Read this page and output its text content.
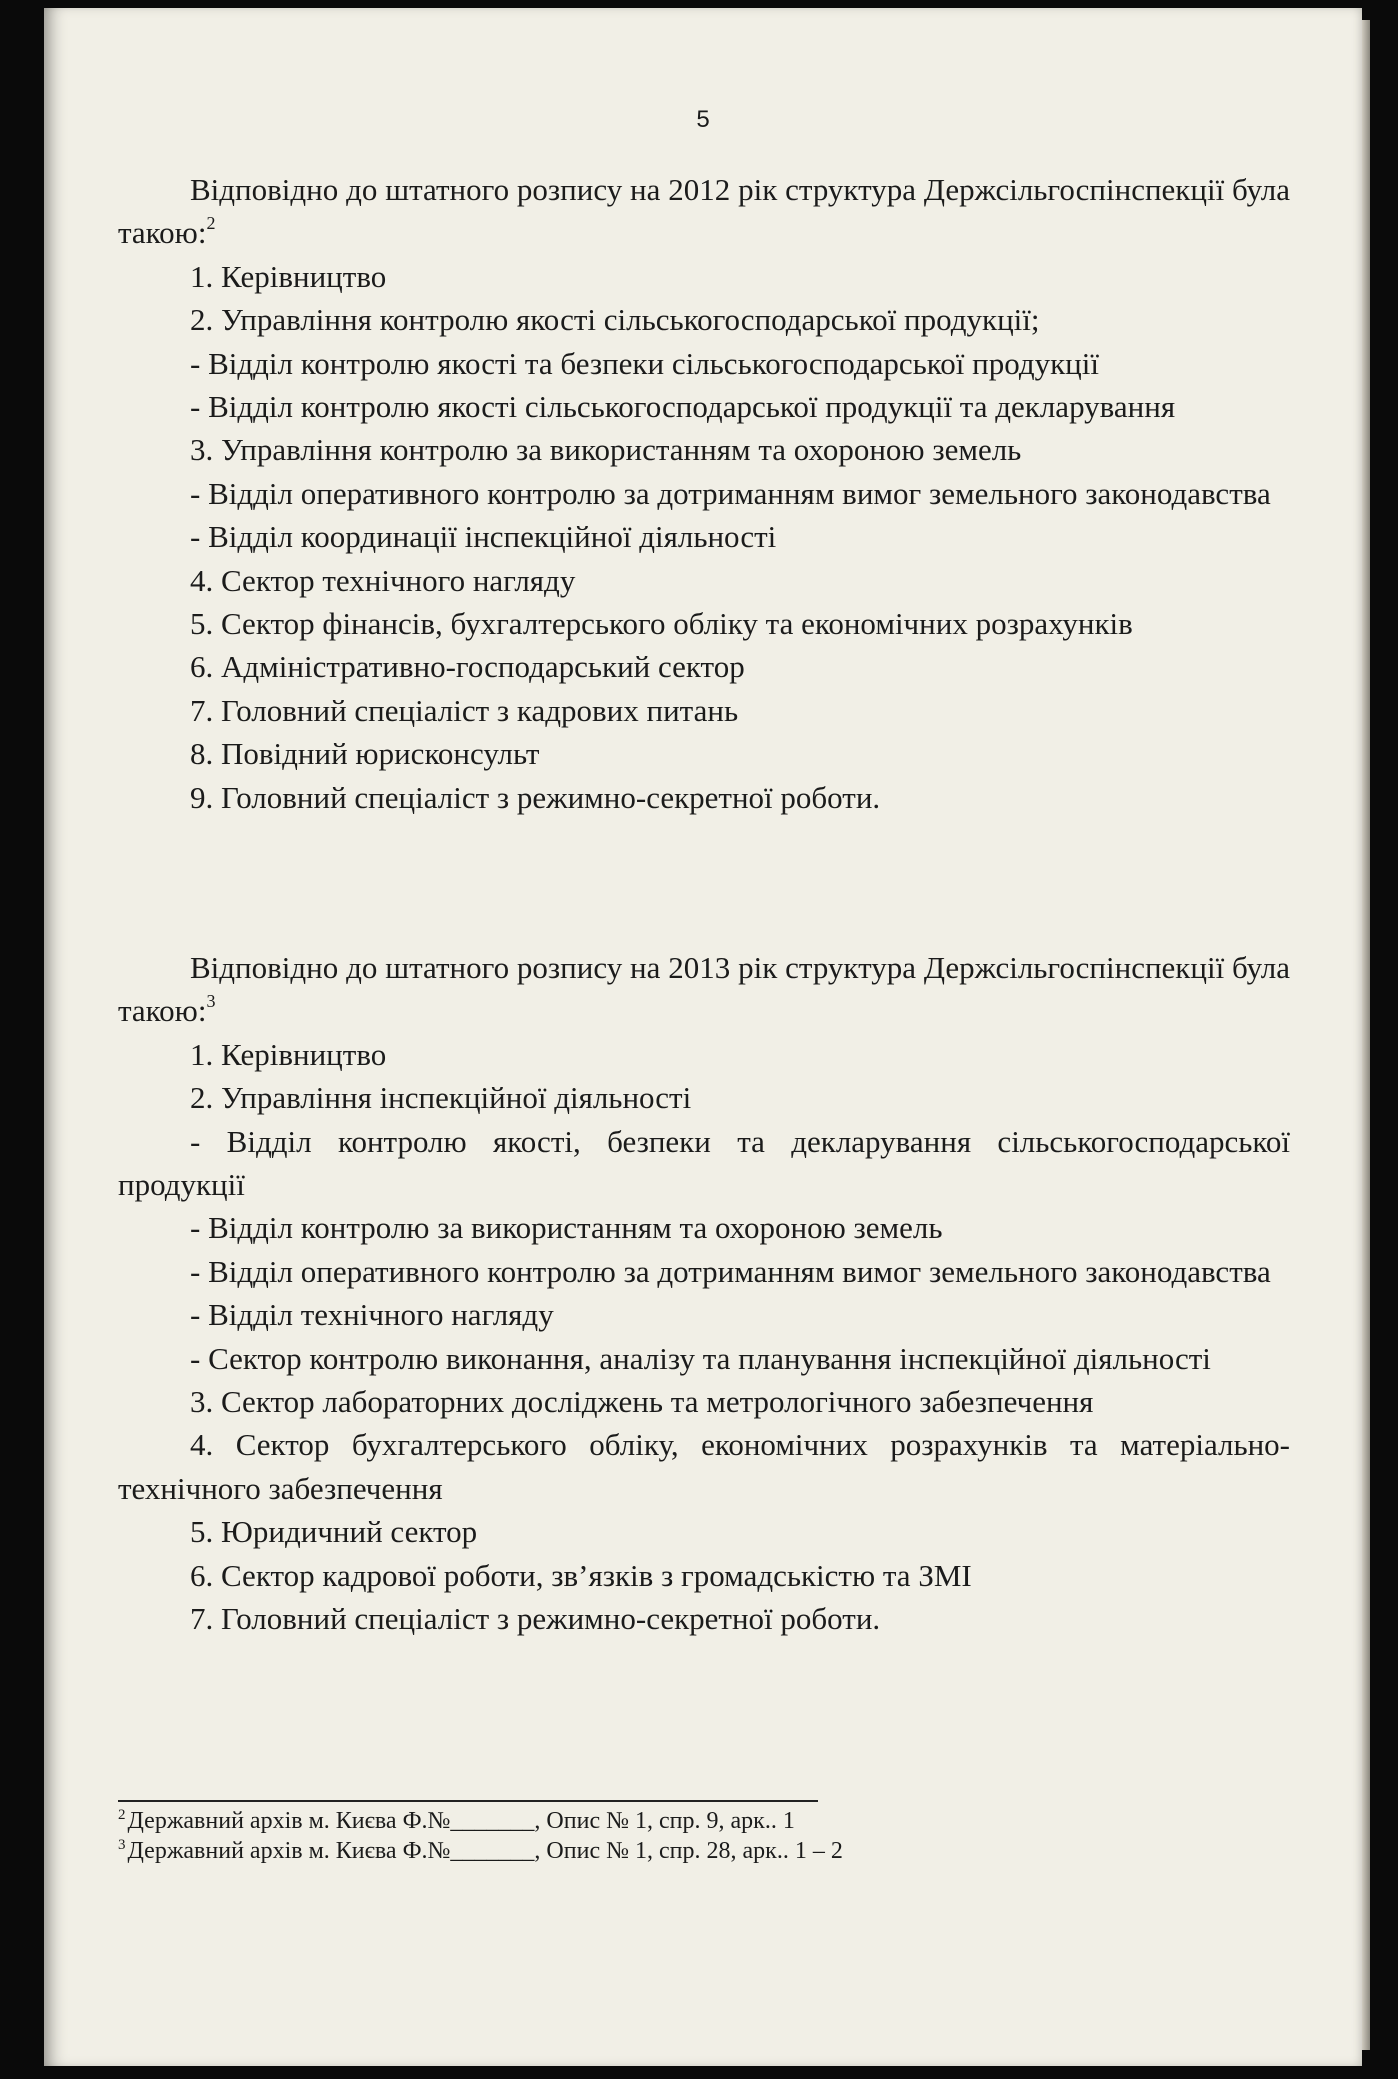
5

Відповідно до штатного розпису на 2012 рік структура Держсільгоспінспекції була такою:$^2$

1. Керівництво

2. Управління контролю якості сільськогосподарської продукції;

- Відділ контролю якості та безпеки сільськогосподарської продукції

- Відділ контролю якості сільськогосподарської продукції та декларування

3. Управління контролю за використанням та охороною земель

- Відділ оперативного контролю за дотриманням вимог земельного законодавства

- Відділ координації інспекційної діяльності

4. Сектор технічного нагляду

5. Сектор фінансів, бухгалтерського обліку та економічних розрахунків

6. Адміністративно-господарський сектор

7. Головний спеціаліст з кадрових питань

8. Повідний юрисконсульт

9. Головний спеціаліст з режимно-секретної роботи.

Відповідно до штатного розпису на 2013 рік структура Держсільгоспінспекції була такою:$^3$

1. Керівництво

2. Управління інспекційної діяльності

- Відділ контролю якості, безпеки та декларування сільськогосподарської продукції

- Відділ контролю за використанням та охороною земель

- Відділ оперативного контролю за дотриманням вимог земельного законодавства

- Відділ технічного нагляду

- Сектор контролю виконання, аналізу та планування інспекційної діяльності

3. Сектор лабораторних досліджень та метрологічного забезпечення

4. Сектор бухгалтерського обліку, економічних розрахунків та матеріально-технічного забезпечення

5. Юридичний сектор

6. Сектор кадрової роботи, зв’язків з громадськістю та ЗМІ

7. Головний спеціаліст з режимно-секретної роботи.

$^2$Державний архів м. Києва Ф.№_______, Опис № 1, спр. 9, арк.. 1

$^3$Державний архів м. Києва Ф.№_______, Опис № 1, спр. 28, арк.. 1 – 2
